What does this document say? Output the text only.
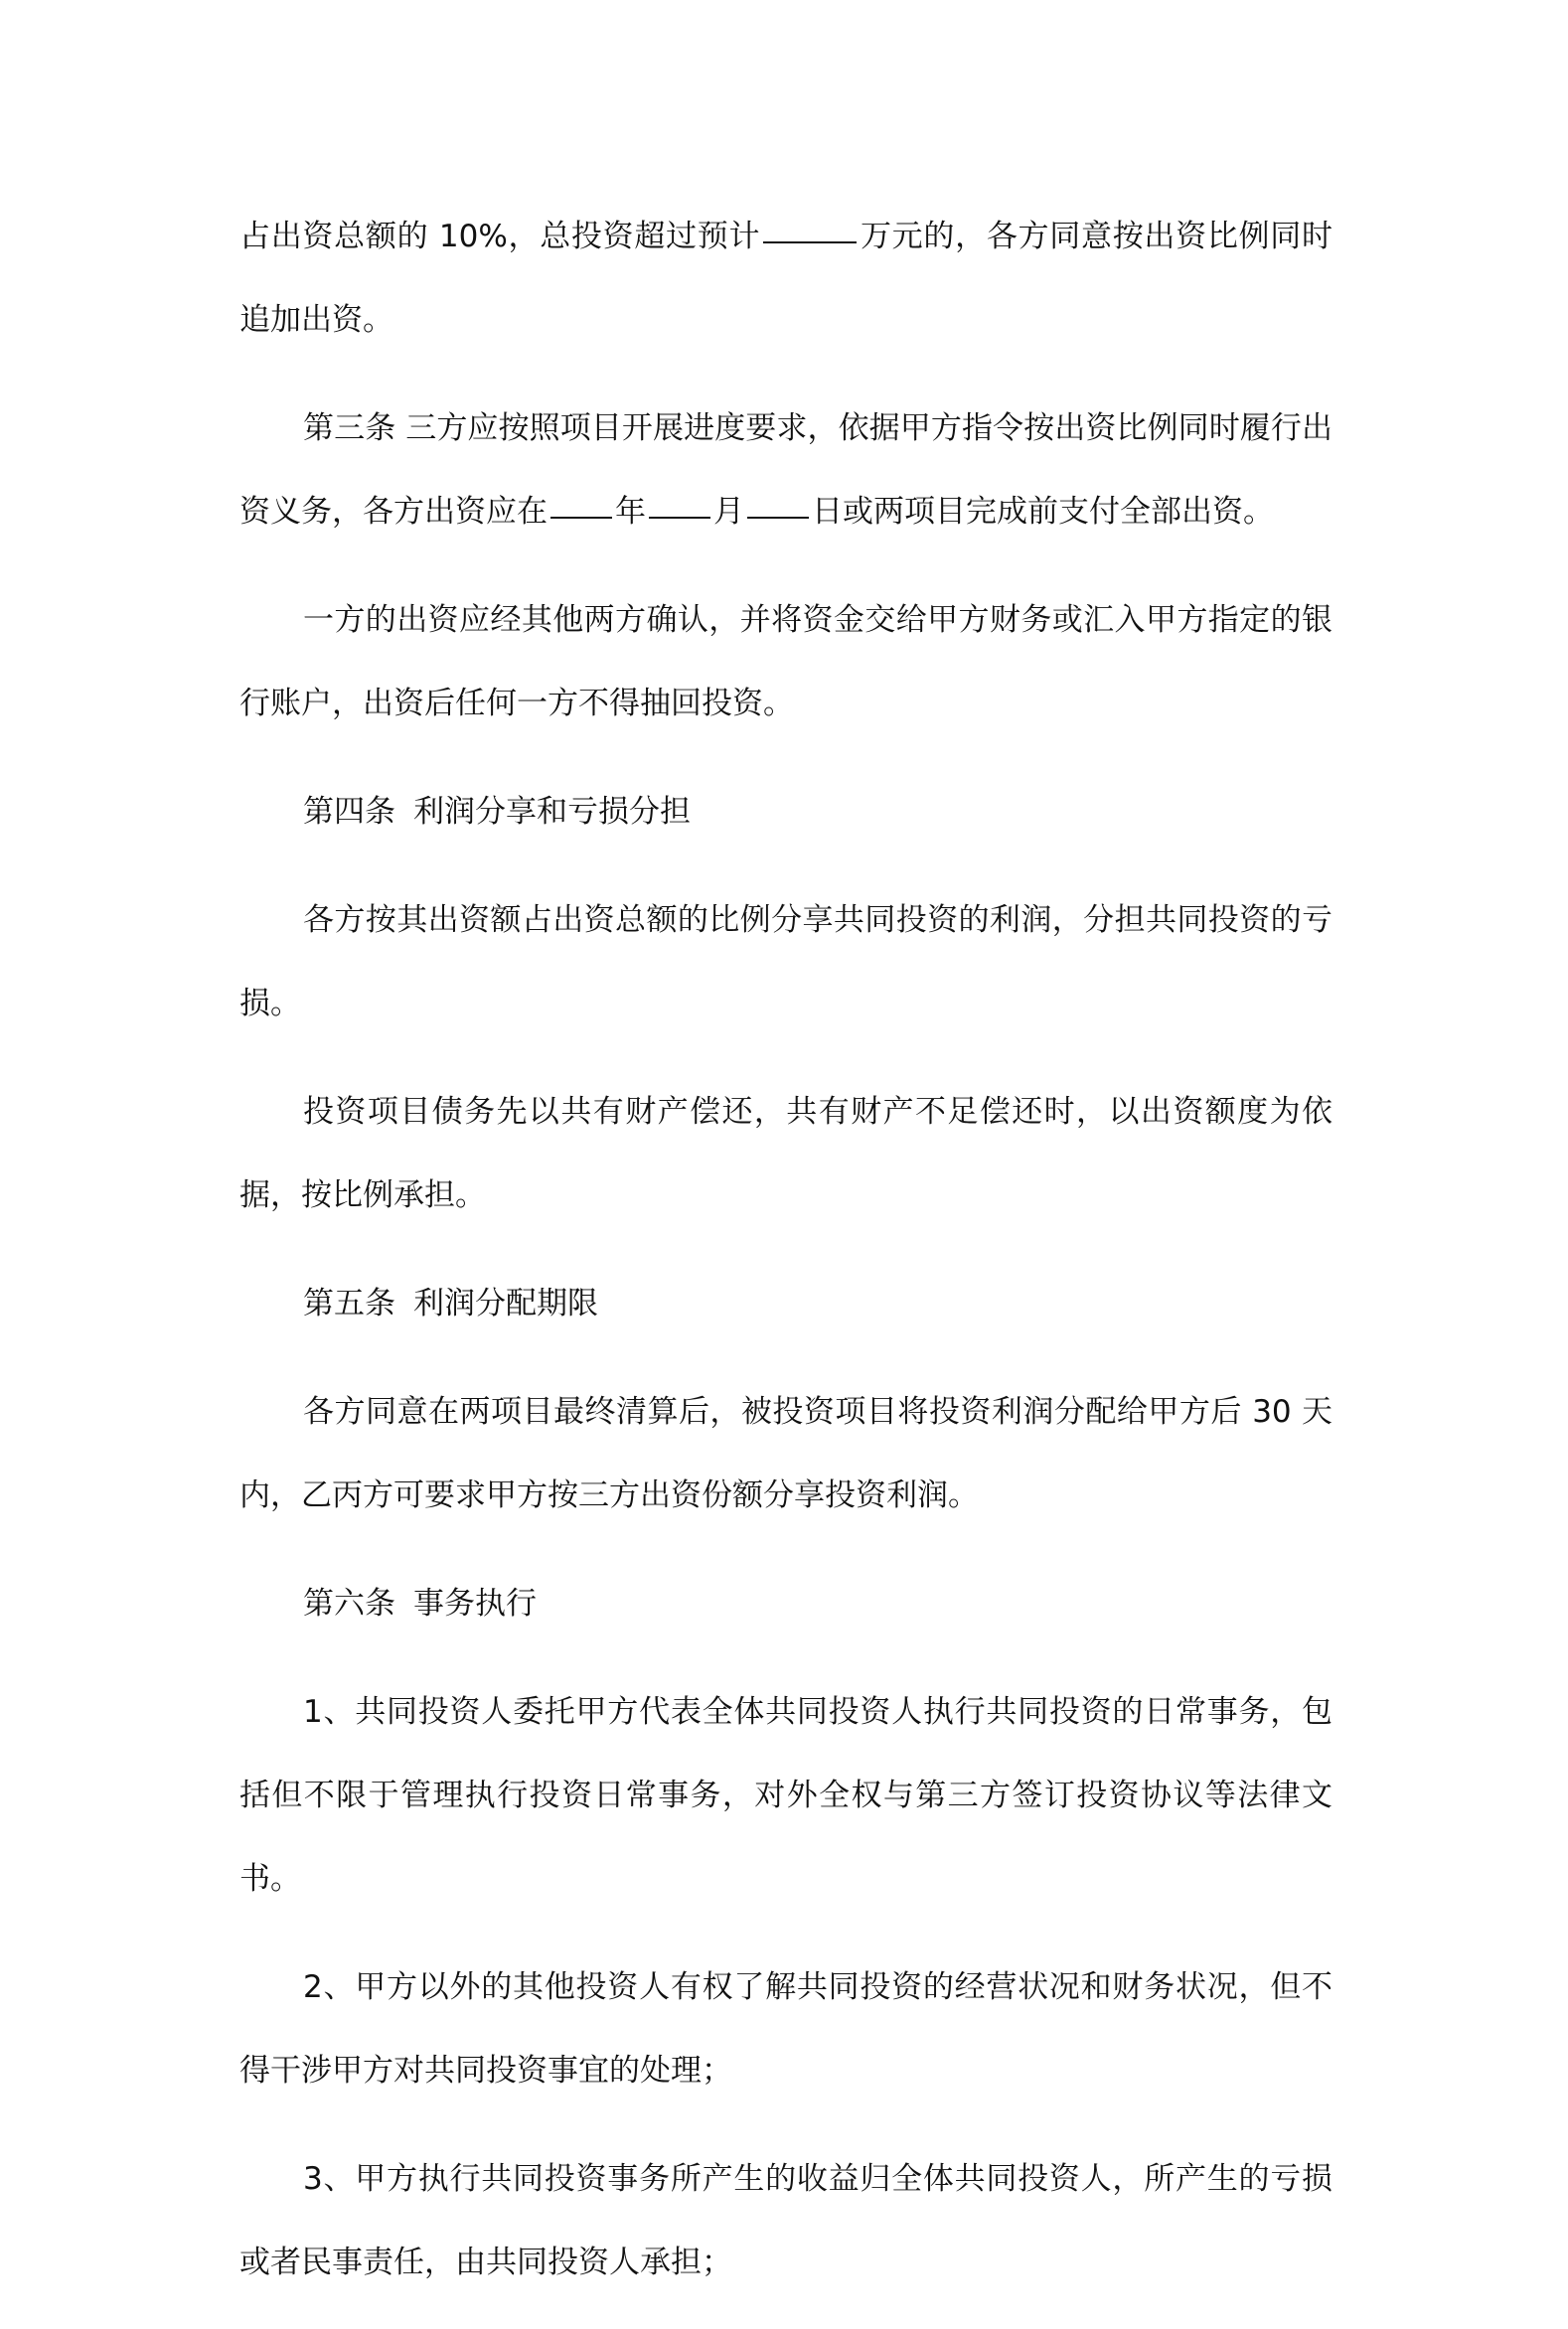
占出资总额的 10%，总投资超过预计	万元的，各方同意按出资比例同时追加出资。

第三条 三方应按照项目开展进度要求，依据甲方指令按出资比例同时履行出资义务，各方出资应在 年 月 日或两项目完成前支付全部出资。

一方的出资应经其他两方确认，并将资金交给甲方财务或汇入甲方指定的银行账户，出资后任何一方不得抽回投资。

第四条 利润分享和亏损分担

各方按其出资额占出资总额的比例分享共同投资的利润，分担共同投资的亏损。

投资项目债务先以共有财产偿还，共有财产不足偿还时，以出资额度为依据，按比例承担。

第五条 利润分配期限

各方同意在两项目最终清算后，被投资项目将投资利润分配给甲方后 30 天内，乙丙方可要求甲方按三方出资份额分享投资利润。

第六条 事务执行

1、共同投资人委托甲方代表全体共同投资人执行共同投资的日常事务，包括但不限于管理执行投资日常事务，对外全权与第三方签订投资协议等法律文书。

2、甲方以外的其他投资人有权了解共同投资的经营状况和财务状况，但不得干涉甲方对共同投资事宜的处理；

3、甲方执行共同投资事务所产生的收益归全体共同投资人，所产生的亏损或者民事责任，由共同投资人承担；
